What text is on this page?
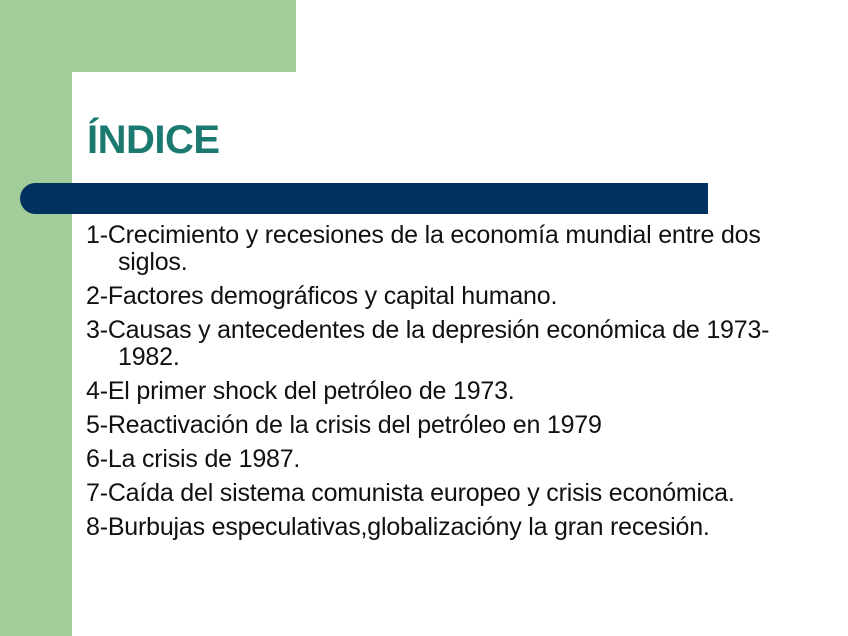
ÍNDICE
1-Crecimiento y recesiones de la economía mundial entre dos siglos.
2-Factores demográficos y capital humano.
3-Causas y antecedentes de la depresión económica de 1973-1982.
4-El primer shock del petróleo de 1973.
5-Reactivación de la crisis del petróleo en 1979
6-La crisis de 1987.
7-Caída del sistema comunista europeo y crisis económica.
8-Burbujas especulativas,globalizacióny la gran recesión.
